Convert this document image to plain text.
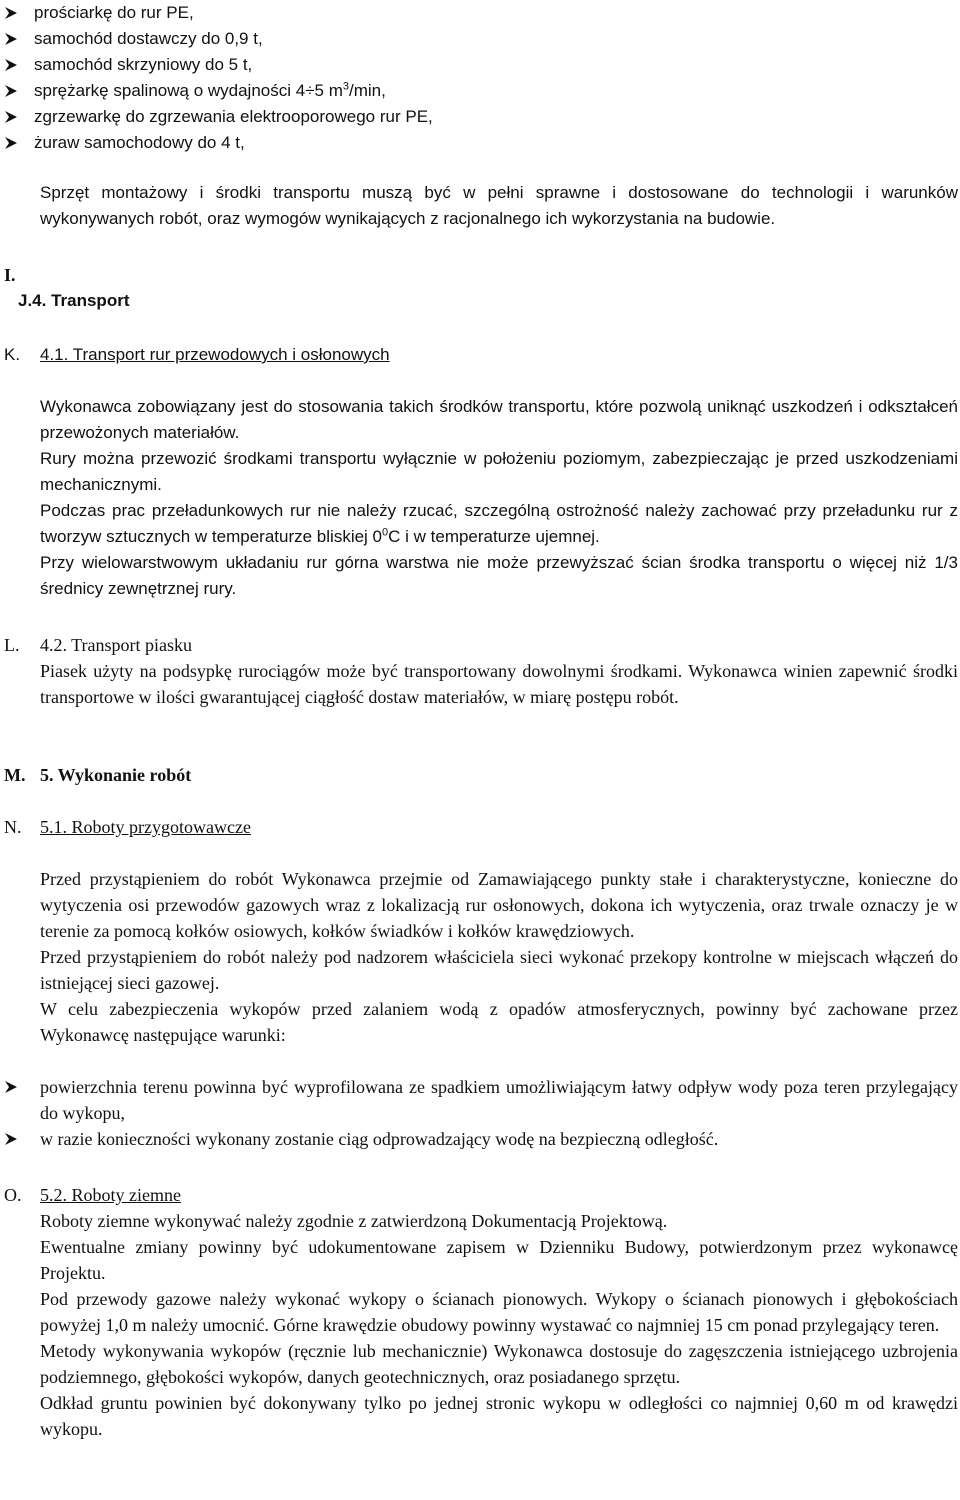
prościarkę do rur PE,
samochód dostawczy do 0,9 t,
samochód skrzyniowy do 5 t,
sprężarkę spalinową o wydajności 4÷5 $m^3/\min$,
zgrzewarkę do zgrzewania elektrooporowego rur PE,
żuraw samochodowy do 4 t,

Sprzęt montażowy i środki transportu muszą być w pełni sprawne i dostosowane do technologii i warunków wykonywanych robót, oraz wymogów wynikających z racjonalnego ich wykorzystania na budowie.

I.
J.4. Transport
K. 4.1. Transport rur przewodowych i osłonowych

Wykonawca zobowiązany jest do stosowania takich środków transportu, które pozwolą uniknąć uszkodzeń i odkształceń przewożonych materiałów.

Rury można przewozić środkami transportu wyłącznie w położeniu poziomym, zabezpieczając je przed uszkodzeniami mechanicznymi.

Podczas prac przeładunkowych rur nie należy rzucać, szczególną ostrożność należy zachować przy przeładunku rur z tworzyw sztucznych w temperaturze bliskiej $0^0C$ i w temperaturze ujemnej.

Przy wielowarstwowym układaniu rur górna warstwa nie może przewyższać ścian środka transportu o więcej niż 1/3 średnicy zewnętrznej rury.

L. 4.2. Transport piasku

Piasek użyty na podsypkę rurociągów może być transportowany dowolnymi środkami. Wykonawca winien zapewnić środki transportowe w ilości gwarantującej ciągłość dostaw materiałów, w miarę postępu robót.

M. 5. Wykonanie robót
N. 5.1. Roboty przygotowawcze

Przed przystąpieniem do robót Wykonawca przejmie od Zamawiającego punkty stałe i charakterystyczne, konieczne do wytyczenia osi przewodów gazowych wraz z lokalizacją rur osłonowych, dokona ich wytyczenia, oraz trwale oznaczy je w terenie za pomocą kołków osiowych, kołków świadków i kołków krawędziowych.

Przed przystąpieniem do robót należy pod nadzorem właściciela sieci wykonać przekopy kontrolne w miejscach włączeń do istniejącej sieci gazowej.

W celu zabezpieczenia wykopów przed zalaniem wodą z opadów atmosferycznych, powinny być zachowane przez Wykonawcę następujące warunki:

powierzchnia terenu powinna być wyprofilowana ze spadkiem umożliwiającym łatwy odpływ wody poza teren przylegający do wykopu,
w razie konieczności wykonany zostanie ciąg odprowadzający wodę na bezpieczną odległość.
O. 5.2. Roboty ziemne

Roboty ziemne wykonywać należy zgodnie z zatwierdzoną Dokumentacją Projektową.

Ewentualne zmiany powinny być udokumentowane zapisem w Dzienniku Budowy, potwierdzonym przez wykonawcę Projektu.

Pod przewody gazowe należy wykonać wykopy o ścianach pionowych. Wykopy o ścianach pionowych i głębokościach powyżej 1,0 m należy umocnić. Górne krawędzie obudowy powinny wystawać co najmniej 15 cm ponad przylegający teren.

Metody wykonywania wykopów (ręcznie lub mechanicznie) Wykonawca dostosuje do zagęszczenia istniejącego uzbrojenia podziemnego, głębokości wykopów, danych geotechnicznych, oraz posiadanego sprzętu.

Odkład gruntu powinien być dokonywany tylko po jednej stronic wykopu w odległości co najmniej 0,60 m od krawędzi wykopu.
